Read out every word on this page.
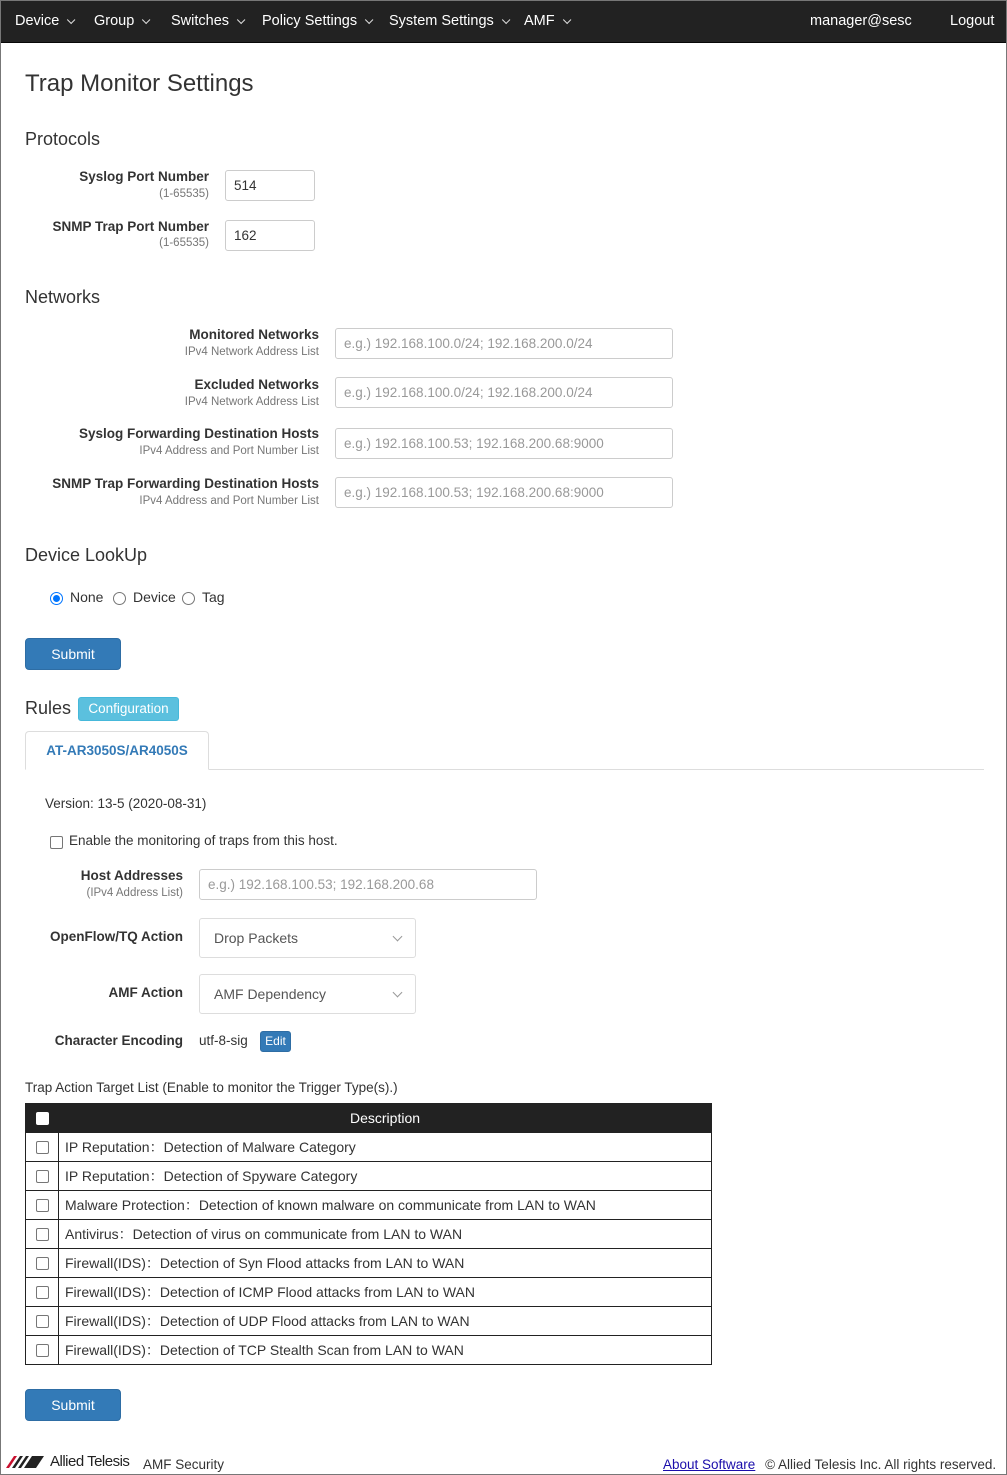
Device	Group	Switches	Policy Settings	System Settings	AMF	manager@sesc	Logout
Trap Monitor Settings
Protocols
Syslog Port Number
(1-65535)
514
SNMP Trap Port Number
(1-65535)	162
Networks
Monitored Networks
IPv4 Network Address List
e.g.) 192.168.100.0/24; 192.168.200.0/24
Excluded Networks
IPv4 Network Address List
e.g.) 192.168.100.0/24; 192.168.200.0/24
Syslog Forwarding Destination Hosts
IPv4 Address and Port Number List	e.g.) 192.168.100.53; 192.168.200.68:9000
SNMP Trap Forwarding Destination Hosts
IPv4 Address and Port Number List
e.g.) 192.168.100.53; 192.168.200.68:9000
Device LookUp
None Device Tag
Submit
Rules	Configuration
AT-AR3050S/AR4050S
Version: 13-5 (2020-08-31)
Enable the monitoring of traps from this host.
Host Addresses
(IPv4 Address List)
e.g.) 192.168.100.53; 192.168.200.68
OpenFlow/TQ Action	Drop Packets
AMF Action	AMF Dependency
Character Encoding utf-8-sig	Edit
Trap Action Target List (Enable to monitor the Trigger Type(s).)
	Description

	IP Reputation：Detection of Malware Category

	IP Reputation：Detection of Spyware Category

	Malware Protection：Detection of known malware on communicate from LAN to WAN

	Antivirus：Detection of virus on communicate from LAN to WAN

	Firewall(IDS)：Detection of Syn Flood attacks from LAN to WAN

	Firewall(IDS)：Detection of ICMP Flood attacks from LAN to WAN

	Firewall(IDS)：Detection of UDP Flood attacks from LAN to WAN

	Firewall(IDS)：Detection of TCP Stealth Scan from LAN to WAN
Submit
Allied Telesis AMF Security	About Software © Allied Telesis Inc. All rights reserved.
